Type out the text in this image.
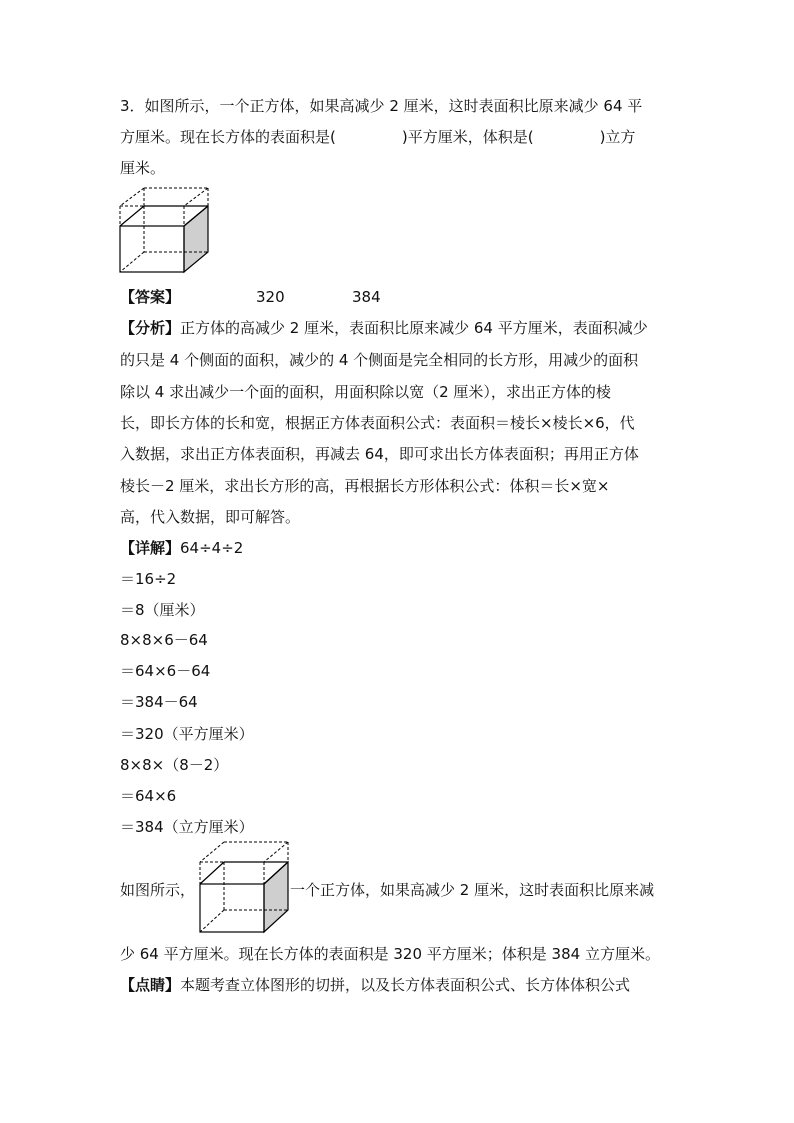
3．如图所示，一个正方体，如果高减少 2 厘米，这时表面积比原来减少 64 平
方厘米。现在长方体的表面积是(	)平方厘米，体积是(	)立方
厘米。
【答案】	320	384
【分析】正方体的高减少 2 厘米，表面积比原来减少 64 平方厘米，表面积减少
的只是 4 个侧面的面积，减少的 4 个侧面是完全相同的长方形，用减少的面积
除以 4 求出减少一个面的面积，用面积除以宽（2 厘米），求出正方体的棱
长，即长方体的长和宽，根据正方体表面积公式：表面积＝棱长×棱长×6，代
入数据，求出正方体表面积，再减去 64，即可求出长方体表面积；再用正方体
棱长－2 厘米，求出长方形的高，再根据长方形体积公式：体积＝长×宽×
高，代入数据，即可解答。
【详解】64÷4÷2
＝16÷2
＝8（厘米）
8×8×6－64
＝64×6－64
＝384－64
＝320（平方厘米）
8×8×（8－2）
＝64×6
＝384（立方厘米）
如图所示，	一个正方体，如果高减少 2 厘米，这时表面积比原来减
少 64 平方厘米。现在长方体的表面积是 320 平方厘米；体积是 384 立方厘米。
【点睛】本题考查立体图形的切拼，以及长方体表面积公式、长方体体积公式
